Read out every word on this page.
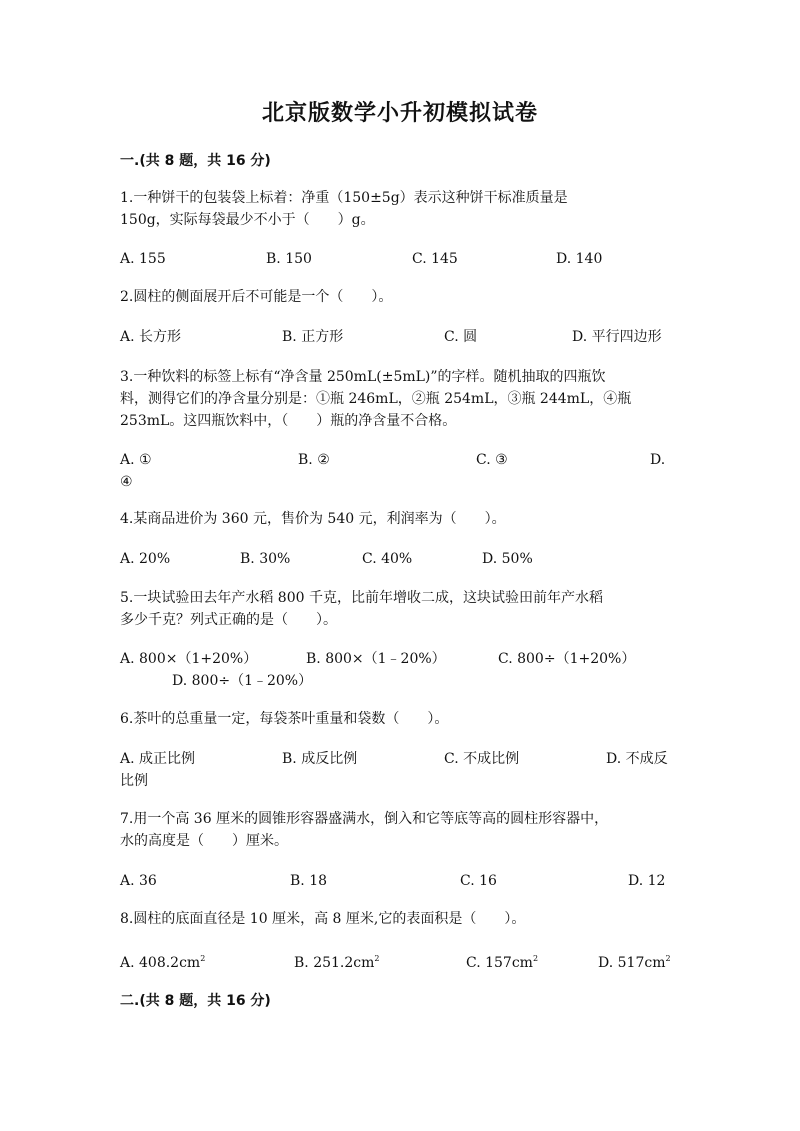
北京版数学小升初模拟试卷
一.(共 8 题，共 16 分)
1.一种饼干的包装袋上标着：净重（150±5g）表示这种饼干标准质量是
150g，实际每袋最少不小于（　　）g。
A. 155	B. 150	C. 145	D. 140
2.圆柱的侧面展开后不可能是一个（　　）。
A. 长方形	B. 正方形	C. 圆	D. 平行四边形
3.一种饮料的标签上标有“净含量 250mL(±5mL)”的字样。随机抽取的四瓶饮
料，测得它们的净含量分别是：①瓶 246mL，②瓶 254mL，③瓶 244mL，④瓶
253mL。这四瓶饮料中，（　　）瓶的净含量不合格。
A. ①	B. ②	C. ③	D.
④
4.某商品进价为 360 元，售价为 540 元，利润率为（　　）。
A. 20%	B. 30%	C. 40%	D. 50%
5.一块试验田去年产水稻 800 千克，比前年增收二成，这块试验田前年产水稻
多少千克？列式正确的是（　　）。
A. 800×（1+20%）	B. 800×（1﹣20%）	C. 800÷（1+20%）
D. 800÷（1﹣20%）
6.茶叶的总重量一定，每袋茶叶重量和袋数（　　）。
A. 成正比例	B. 成反比例	C. 不成比例	D. 不成反
比例
7.用一个高 36 厘米的圆锥形容器盛满水，倒入和它等底等高的圆柱形容器中，
水的高度是（　　）厘米。
A. 36	B. 18	C. 16	D. 12
8.圆柱的底面直径是 10 厘米，高 8 厘米,它的表面积是（　　）。
A. $408.2cm^2$	B. $251.2cm^2$	C. $157cm^2$	D. $517cm^2$
二.(共 8 题，共 16 分)
